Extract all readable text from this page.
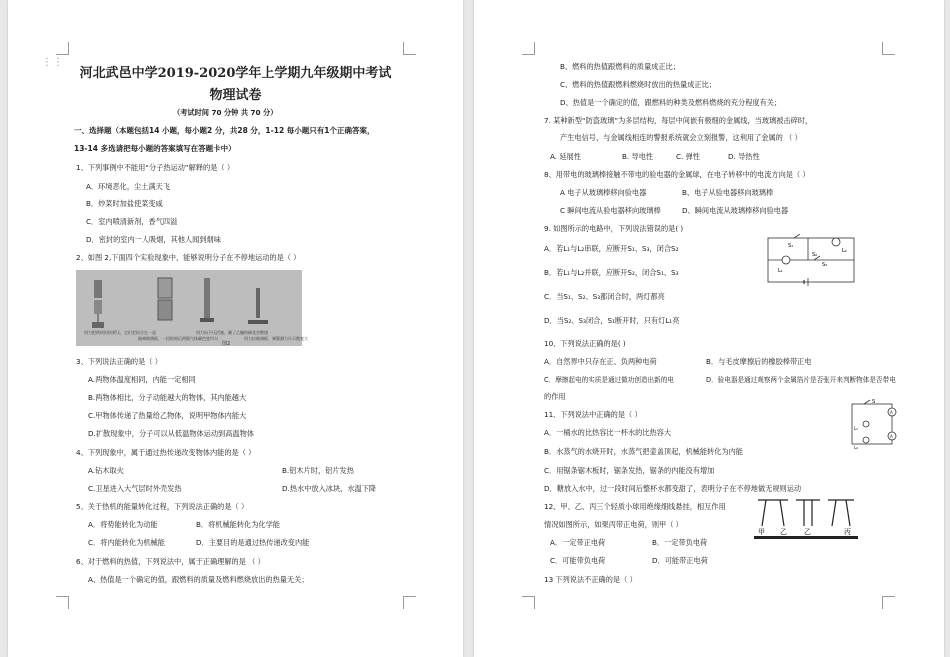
⋮⋮
河北武邑中学2019-2020学年上学期九年级期中考试
物理试卷
（考试时间 70 分钟 共 70 分）
一、选择题（本题包括14 小题，每小题2 分，共28 分，1-12 每小题只有1个正确答案，
13-14 多选请把每小题的答案填写在答题卡中）
1、下列事例中不能用“分子热运动”解释的是（ ）
A．环境恶化，尘土满天飞
B．炒菜时加盐使菜变咸
C．室内喷清新剂，香气四溢
D．密封的室内一人吸烟，其他人闻到烟味
2、如图 2,下面四个实验现象中，能够说明分子在不停地运动的是（ ）
用力把两块铅块紧压，它们会结合在一起
抽离玻璃板，一段时间后两瓶气体颜色变均匀
用力向下压活塞，蘸了乙醚的棉花会燃烧
用力拉玻璃板，弹簧测力计示数变大
图2
3、下列说法正确的是（ ）
A.两物体温度相同，内能一定相同
B.两物体相比，分子动能越大的物体，其内能越大
C.甲物体传递了热量给乙物体，说明甲物体内能大
D.扩散现象中，分子可以从低温物体运动到高温物体
4、下列现象中，属于通过热传递改变物体内能的是（ ）
A.钻木取火	B.铝木片时，铝片发热
C.卫星进入大气层时外壳发热	D.热水中放入冰块，水温下降
5、关于热机的能量转化过程，下列说法正确的是（ ）
A．将势能转化为动能	B．将机械能转化为化学能
C．将内能转化为机械能	D．主要目的是通过热传递改变内能
6、对于燃料的热值，下列说法中，属于正确理解的是 （ ）
A、热值是一个确定的值，跟燃料的质量及燃料燃烧放出的热量无关；
B、燃料的热值跟燃料的质量成正比；
C、燃料的热值跟燃料燃烧时放出的热量成正比；
D、热值是一个确定的值，跟燃料的种类及燃料燃烧的充分程度有关；
7. 某种新型“防盗玻璃”为多层结构，每层中间嵌有极细的金属线，当玻璃被击碎时，
产生电信号，与金属线相连的警报系统就会立刻报警，这利用了金属的 （ ）
A. 延展性	B. 导电性	C. 弹性	D. 导热性
8、用带电的玻璃棒接触不带电的验电器的金属球，在电子转移中的电流方向是（ ）
A 电子从玻璃棒移向验电器	B、电子从验电器移向玻璃棒
C 瞬间电流从验电器移向玻璃棒	D、瞬间电流从玻璃棒移向验电器
9. 如图所示的电路中，下列说法错误的是( )
A．若L₁与L₂串联，应断开S₁、S₃，闭合S₂
B．若L₁与L₂并联，应断开S₂，闭合S₁、S₃
C．当S₁、S₂、S₃都闭合时，两灯都亮
D．当S₂、S₃闭合，S₁断开时，只有灯L₁亮
S₁
S₂
S₃
L₁
L₂
10、下列说法正确的是( )
A．自然界中只存在正、负两种电荷	B．与毛皮摩擦后的橡胶棒带正电
C．摩擦起电的实质是通过做功创造出新的电	D．验电器是通过观察两个金属箔片是否张开来判断物体是否带电
的作用
S
A
A
L₁
L₂
11、下列说法中正确的是（ ）
A．一桶水的比热容比一杯水的比热容大
B．水蒸气的水烧开时，水蒸气把壶盖顶起，机械能转化为内能
C．用锯条锯木板时，锯条发热，锯条的内能没有增加
D．糖放入水中，过一段时间后整杯水都变甜了，表明分子在不停地做无规则运动
12、甲、乙、丙三个轻质小球用绝缘细线悬挂，相互作用
情况如图所示，如果丙带正电荷，则甲（ ）
A．一定带正电荷	B．一定带负电荷
C．可能带负电荷	D．可能带正电荷
甲 乙 乙	丙
13 下列说法不正确的是（ ）
